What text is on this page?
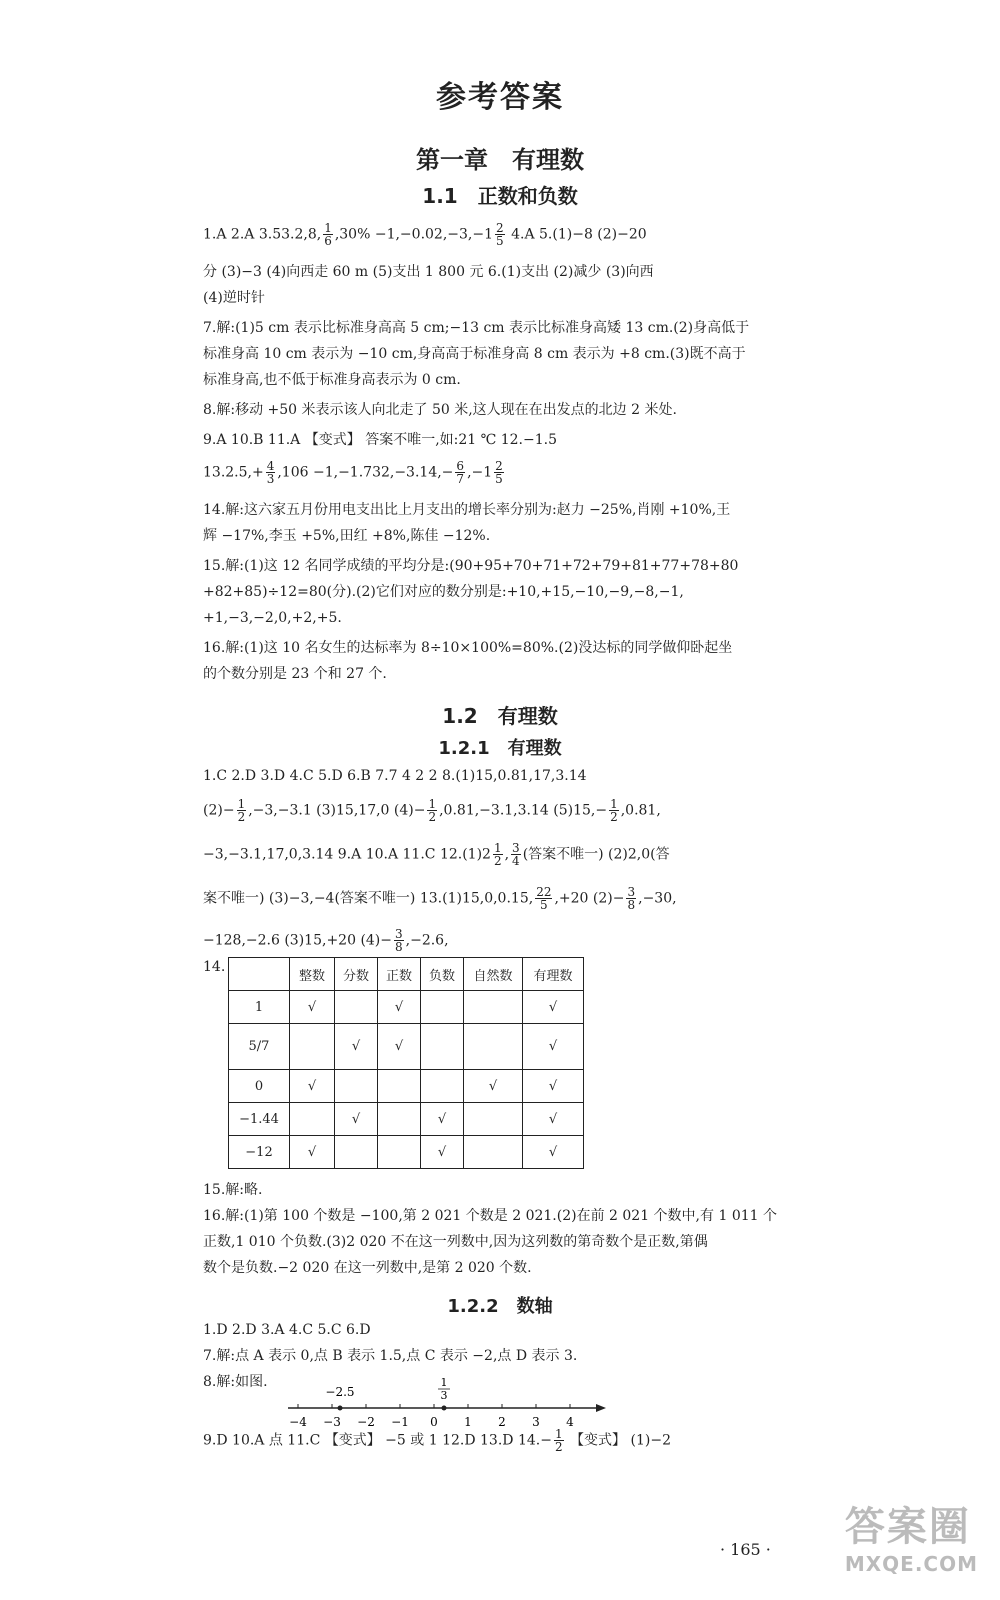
参考答案
第一章　有理数
1.1　正数和负数
1.A 2.A 3.53.2,8, $\frac{1}{6} ,30\% -1,-0.02,-3,-1 \frac{2}{5} 4.A$ 5.(1)−8 (2)−20
分 (3)−3 (4)向西走 60 m (5)支出 1 800 元 6.(1)支出 (2)减少 (3)向西
(4)逆时针
7.解:(1)5 cm 表示比标准身高高 5 cm;−13 cm 表示比标准身高矮 13 cm.(2)身高低于
标准身高 10 cm 表示为 −10 cm,身高高于标准身高 8 cm 表示为 +8 cm.(3)既不高于
标准身高,也不低于标准身高表示为 0 cm.
8.解:移动 +50 米表示该人向北走了 50 米,这人现在在出发点的北边 2 米处.
9.A 10.B 11.A 【变式】 答案不唯一,如:21 ℃ 12.−1.5
$13.2.5,+ \frac{4}{3} ,106 -1,-1.732,-3.14,- \frac{6}{7} ,-1 \frac{2}{5}$
14.解:这六家五月份用电支出比上月支出的增长率分别为:赵力 −25%,肖刚 +10%,王
辉 −17%,李玉 +5%,田红 +8%,陈佳 −12%.
15.解:(1)这 12 名同学成绩的平均分是:(90+95+70+71+72+79+81+77+78+80
+82+85)÷12=80(分).(2)它们对应的数分别是:+10,+15,−10,−9,−8,−1,
+1,−3,−2,0,+2,+5.
16.解:(1)这 10 名女生的达标率为 8÷10×100%=80%.(2)没达标的同学做仰卧起坐
的个数分别是 23 个和 27 个.
1.2　有理数
1.2.1　有理数
1.C 2.D 3.D 4.C 5.D 6.B 7.7 4 2 2 8.(1)15,0.81,17,3.14
$(2)- \frac{1}{2} ,-3,-3.1$ (3)15,17,0 $(4)- \frac{1}{2} ,0.81,-3.1,3.14$ $(5)15,- \frac{1}{2} ,0.81$,
−3,−3.1,17,0,3.14 9.A 10.A 11.C $12.(1)2 \frac{1}{2}$ , $\frac{3}{4}$ (答案不唯一) (2)2,0(答
案不唯一) (3)−3,−4(答案不唯一) 13.(1)15,0,0.15, $\frac{22}{5} ,+20$ $(2)- \frac{3}{8} ,-30$,
−128,−2.6 (3)15,+20 $(4)- \frac{3}{8} ,-2.6$,
14.
	整数	分数	正数	负数	自然数	有理数
1	√		√			√
5/7		√	√			√
0	√				√	√
−1.44		√		√		√
−12	√			√		√
15.解:略.
16.解:(1)第 100 个数是 −100,第 2 021 个数是 2 021.(2)在前 2 021 个数中,有 1 011 个
正数,1 010 个负数.(3)2 020 不在这一列数中,因为这列数的第奇数个是正数,第偶
数个是负数.−2 020 在这一列数中,是第 2 020 个数.
1.2.2　数轴
1.D 2.D 3.A 4.C 5.C 6.D
7.解:点 A 表示 0,点 B 表示 1.5,点 C 表示 −2,点 D 表示 3.
8.解:如图.
−4 −3 −2 −1 0 1 2 3 4
−2.5
1
3
9.D 10.A 点 11.C 【变式】 −5 或 1 12.D 13.D $14.- \frac{1}{2}$ 【变式】 (1)−2
· 165 · 答案圈
MXQE.COM
